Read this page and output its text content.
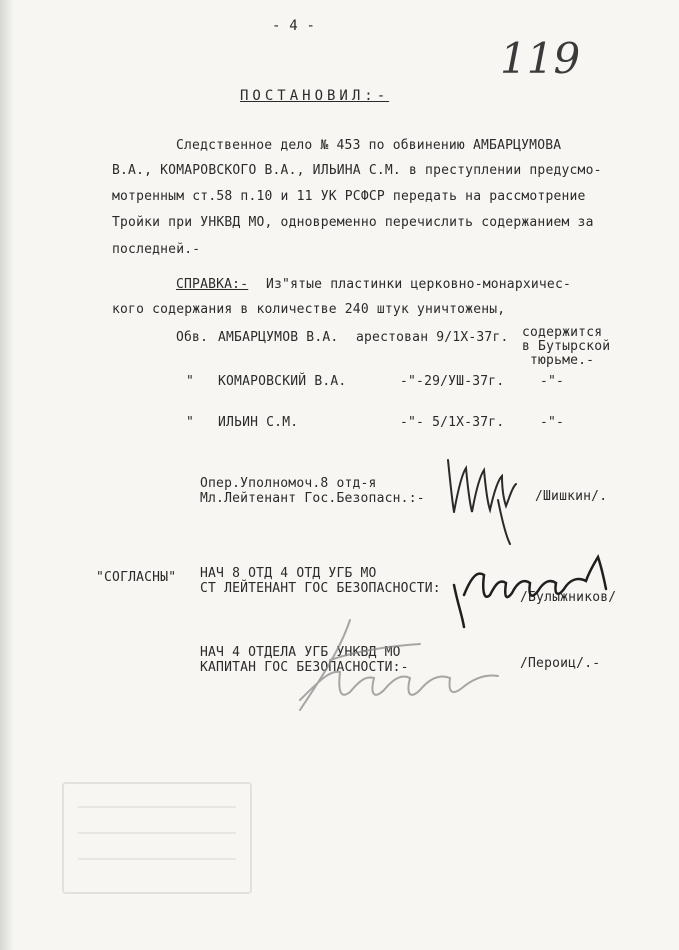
- 4 -
119
ПОСТАНОВИЛ:-
Следственное дело № 453 по обвинению АМБАРЦУМОВА
В.А., КОМАРОВСКОГО В.А., ИЛЬИНА С.М. в преступлении предусмо-
мотренным ст.58 п.10 и 11 УК РСФСР передать на рассмотрение
Тройки при УНКВД МО, одновременно перечислить содержанием за
последней.-
СПРАВКА:- Из"ятые пластинки церковно-монархичес-
кого содержания в количестве 240 штук уничтожены,
Обв. АМБАРЦУМОВ В.А. арестован 9/1Х-37г. содержится
в Бутырской
тюрьме.-
" КОМАРОВСКИЙ В.А.	-"-29/УШ-37г.	-"-
" ИЛЬИН С.М.	-"- 5/1Х-37г.	-"-
Опер.Уполномоч.8 отд-я
Мл.Лейтенант Гос.Безопасн.:-	/Шишкин/.
"СОГЛАСНЫ" НАЧ 8 ОТД 4 ОТД УГБ МО
СТ ЛЕЙТЕНАНТ ГОС БЕЗОПАСНОСТИ:
/Булыжников/
НАЧ 4 ОТДЕЛА УГБ УНКВД МО
КАПИТАН ГОС БЕЗОПАСНОСТИ:-	/Пероиц/.-
